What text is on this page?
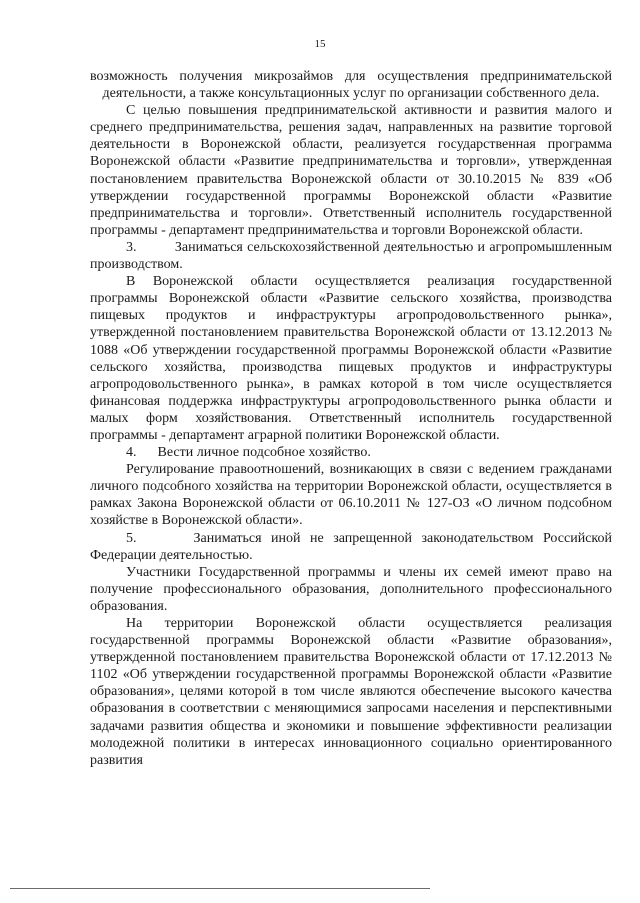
15

возможность получения микрозаймов для осуществления предпринимательской деятельности, а также консультационных услуг по организации собственного дела.

С целью повышения предпринимательской активности и развития малого и среднего предпринимательства, решения задач, направленных на развитие торговой деятельности в Воронежской области, реализуется государственная программа Воронежской области «Развитие предпринимательства и торговли», утвержденная постановлением правительства Воронежской области от 30.10.2015 № 839 «Об утверждении государственной программы Воронежской области «Развитие предпринимательства и торговли». Ответственный исполнитель государственной программы - департамент предпринимательства и торговли Воронежской области.

3.         Заниматься сельскохозяйственной деятельностью и агропромышленным производством.

В Воронежской области осуществляется реализация государственной программы Воронежской области «Развитие сельского хозяйства, производства пищевых продуктов и инфраструктуры агропродовольственного рынка», утвержденной постановлением правительства Воронежской области от 13.12.2013 № 1088 «Об утверждении государственной программы Воронежской области «Развитие сельского хозяйства, производства пищевых продуктов и инфраструктуры агропродовольственного рынка», в рамках которой в том числе осуществляется финансовая поддержка инфраструктуры агропродовольственного рынка области и малых форм хозяйствования. Ответственный исполнитель государственной программы - департамент аграрной политики Воронежской области.

4.      Вести личное подсобное хозяйство.

Регулирование правоотношений, возникающих в связи с ведением гражданами личного подсобного хозяйства на территории Воронежской области, осуществляется в рамках Закона Воронежской области от 06.10.2011 № 127-ОЗ «О личном подсобном хозяйстве в Воронежской области».

5.      Заниматься иной не запрещенной законодательством Российской Федерации деятельностью.

Участники Государственной программы и члены их семей имеют право на получение профессионального образования, дополнительного профессионального образования.

На территории Воронежской области осуществляется реализация государственной программы Воронежской области «Развитие образования», утвержденной постановлением правительства Воронежской области от 17.12.2013 № 1102 «Об утверждении государственной программы Воронежской области «Развитие образования», целями которой в том числе являются обеспечение высокого качества образования в соответствии с меняющимися запросами населения и перспективными задачами развития общества и экономики и повышение эффективности реализации молодежной политики в интересах инновационного социально ориентированного развития
